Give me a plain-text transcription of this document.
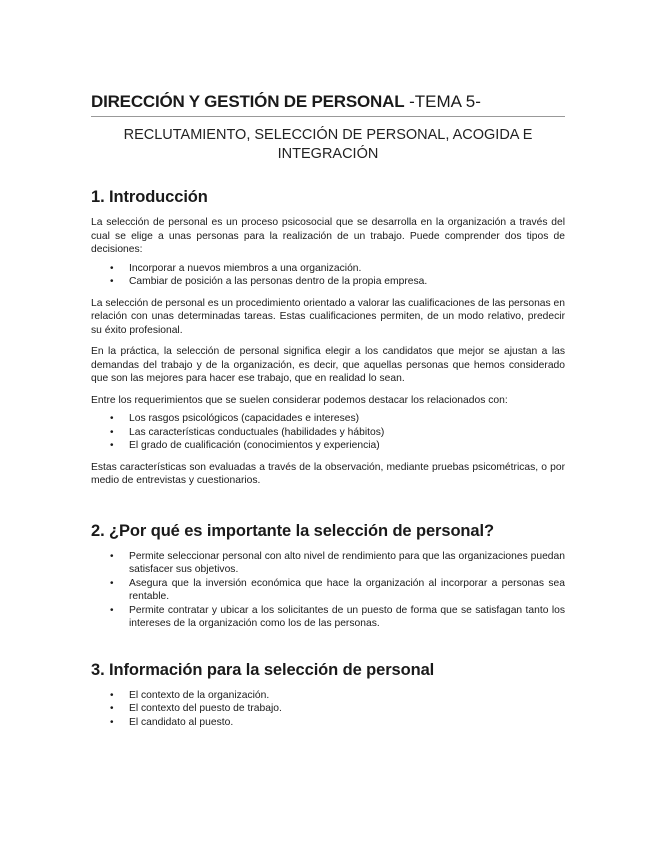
DIRECCIÓN Y GESTIÓN DE PERSONAL -TEMA 5-
RECLUTAMIENTO, SELECCIÓN DE PERSONAL, ACOGIDA E
INTEGRACIÓN
1. Introducción

La selección de personal es un proceso psicosocial que se desarrolla en la organización a través del cual se elige a unas personas para la realización de un trabajo. Puede comprender dos tipos de decisiones:

• Incorporar a nuevos miembros a una organización.
• Cambiar de posición a las personas dentro de la propia empresa.

La selección de personal es un procedimiento orientado a valorar las cualificaciones de las personas en relación con unas determinadas tareas. Estas cualificaciones permiten, de un modo relativo, predecir su éxito profesional.

En la práctica, la selección de personal significa elegir a los candidatos que mejor se ajustan a las demandas del trabajo y de la organización, es decir, que aquellas personas que hemos considerado que son las mejores para hacer ese trabajo, que en realidad lo sean.

Entre los requerimientos que se suelen considerar podemos destacar los relacionados con:

• Los rasgos psicológicos (capacidades e intereses)
• Las características conductuales (habilidades y hábitos)
• El grado de cualificación (conocimientos y experiencia)

Estas características son evaluadas a través de la observación, mediante pruebas psicométricas, o por medio de entrevistas y cuestionarios.

2. ¿Por qué es importante la selección de personal?
• Permite seleccionar personal con alto nivel de rendimiento para que las organizaciones puedan satisfacer sus objetivos.
• Asegura que la inversión económica que hace la organización al incorporar a personas sea rentable.
• Permite contratar y ubicar a los solicitantes de un puesto de forma que se satisfagan tanto los intereses de la organización como los de las personas.
3. Información para la selección de personal
• El contexto de la organización.
• El contexto del puesto de trabajo.
• El candidato al puesto.
